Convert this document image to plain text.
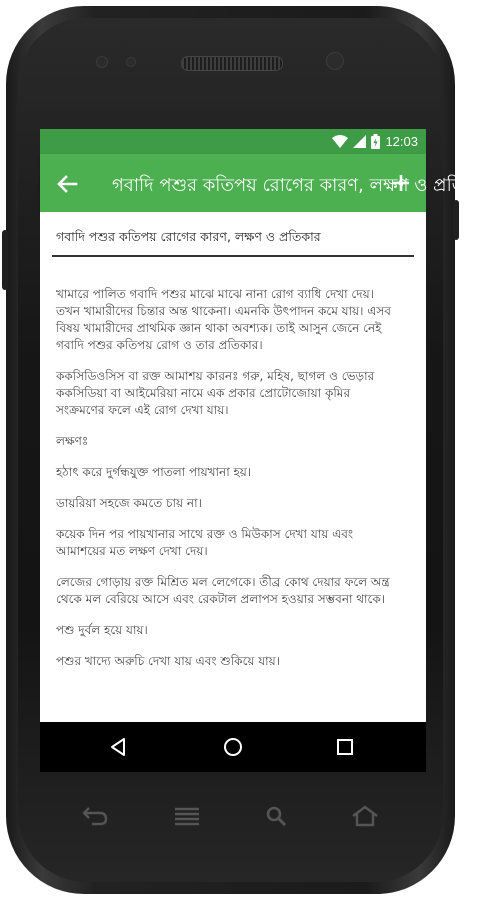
12:03
গবাদি পশুর কতিপয় রোগের কারণ, লক্ষণ ও প্রতিকার
গবাদি পশুর কতিপয় রোগের কারণ, লক্ষণ ও প্রতিকার

খামারে পালিত গবাদি পশুর মাঝে মাঝে নানা রোগ ব্যাধি দেখা দেয়। তখন খামারীদের চিন্তার অন্ত থাকেনা। এমনকি উৎপাদন কমে যায়। এসব বিষয় খামারীদের প্রাথমিক জ্ঞান থাকা অবশ্যক। তাই আসুন জেনে নেই গবাদি পশুর কতিপয় রোগ ও তার প্রতিকার।

ককসিডিওসিস বা রক্ত আমাশয় কারনঃ গরু, মহিষ, ছাগল ও ভেড়ার ককসিডিয়া বা আইমেরিয়া নামে এক প্রকার প্রোটোজোয়া কৃমির সংক্রমণের ফলে এই রোগ দেখা যায়।

লক্ষণঃ

হঠাৎ করে দুর্গন্ধযুক্ত পাতলা পায়খানা হয়।

ডায়রিয়া সহজে কমতে চায় না।

কয়েক দিন পর পায়খানার সাথে রক্ত ও মিউকাস দেখা যায় এবং আমাশয়ের মত লক্ষণ দেখা দেয়।

লেজের গোড়ায় রক্ত মিশ্রিত মল লেগেকে। তীব্র কোথ দেয়ার ফলে অন্ত্র থেকে মল বেরিয়ে আসে এবং রেকটাল প্রলাপস হওয়ার সম্ভবনা থাকে।

পশু দুর্বল হয়ে যায়।

পশুর খাদ্যে অরুচি দেখা যায় এবং শুকিয়ে যায়।
